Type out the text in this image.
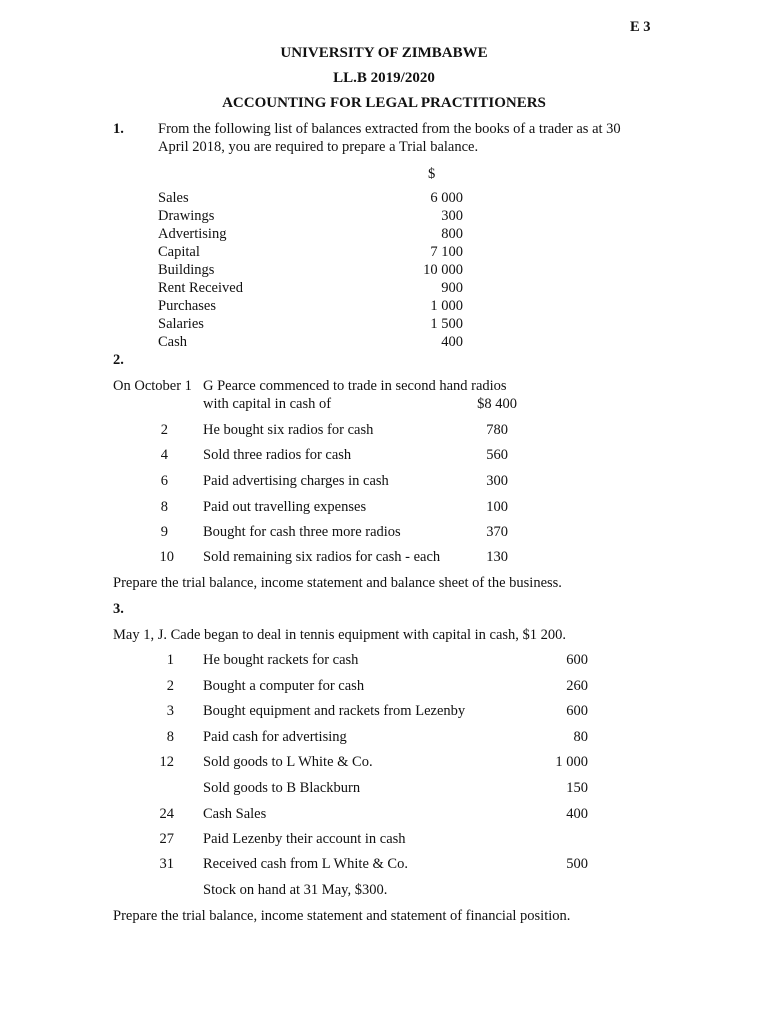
E 3
UNIVERSITY OF ZIMBABWE
LL.B 2019/2020
ACCOUNTING FOR LEGAL PRACTITIONERS
1. From the following list of balances extracted from the books of a trader as at 30
April 2018, you are required to prepare a Trial balance.
$
Sales	6 000
Drawings	300
Advertising	800
Capital	7 100
Buildings	10 000
Rent Received	900
Purchases	1 000
Salaries	1 500
Cash	400
2.
On October 1 G Pearce commenced to trade in second hand radios
with capital in cash of	$8 400
2 He bought six radios for cash	780
4 Sold three radios for cash	560
6 Paid advertising charges in cash	300
8 Paid out travelling expenses	100
9 Bought for cash three more radios	370
10 Sold remaining six radios for cash - each	130
Prepare the trial balance, income statement and balance sheet of the business.
3.
May 1, J. Cade began to deal in tennis equipment with capital in cash, $1 200.
1 He bought rackets for cash	600
2 Bought a computer for cash	260
3 Bought equipment and rackets from Lezenby	600
8 Paid cash for advertising	80
12 Sold goods to L White & Co.	1 000
Sold goods to B Blackburn	150
24 Cash Sales	400
27 Paid Lezenby their account in cash
31 Received cash from L White & Co.	500
Stock on hand at 31 May, $300.
Prepare the trial balance, income statement and statement of financial position.
